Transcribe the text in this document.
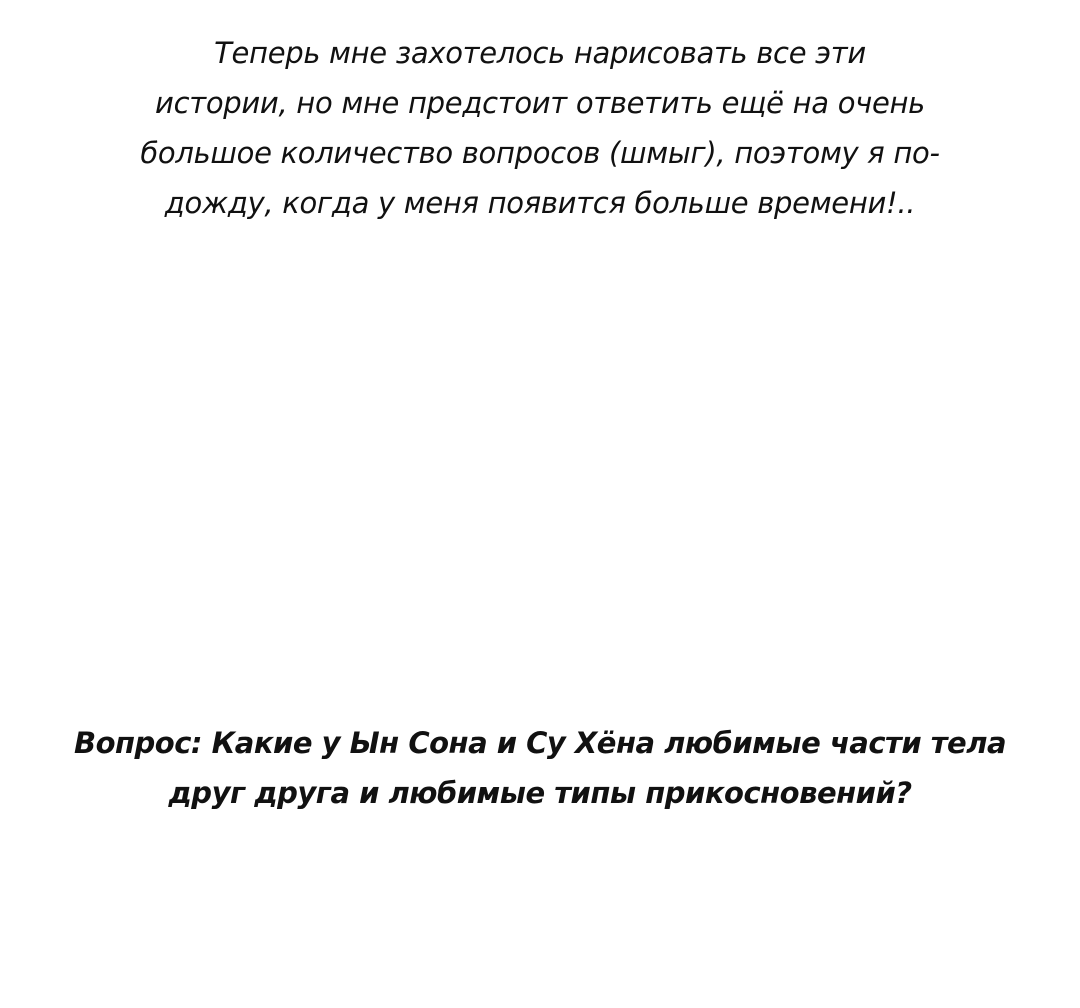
Теперь мне захотелось нарисовать все эти
истории, но мне предстоит ответить ещё на очень
большое количество вопросов (шмыг), поэтому я по-
дожду, когда у меня появится больше времени!..
Вопрос: Какие у Ын Сона и Су Хёна любимые части тела
друг друга и любимые типы прикосновений?
